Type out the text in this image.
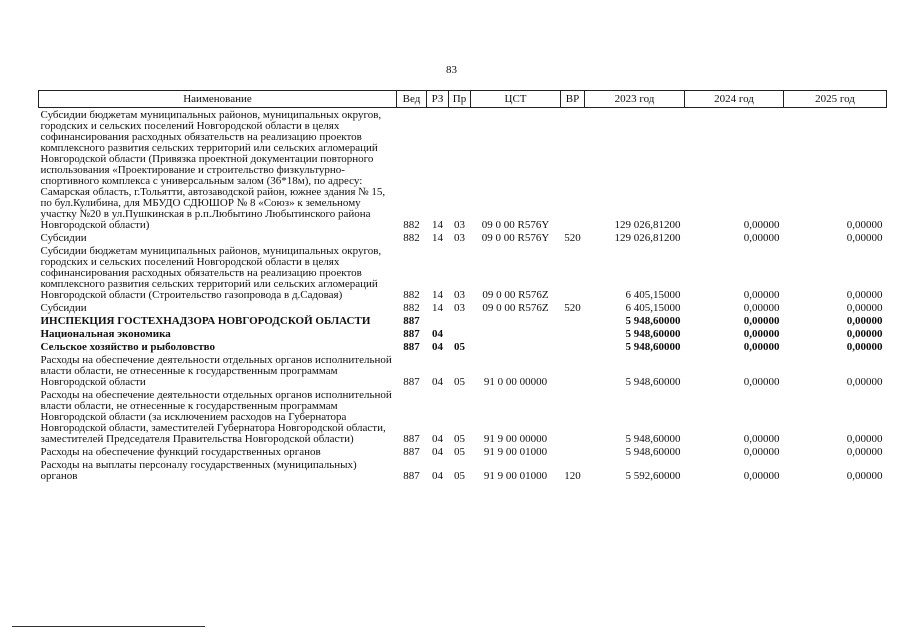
83
Наименование	Вед	РЗ	Пр	ЦСТ	ВР	2023 год	2024 год	2025 год
Субсидии бюджетам муниципальных районов, муниципальных округов, городских и сельских поселений Новгородской области в целях софинансирования расходных обязательств на реализацию проектов комплексного развития сельских территорий или сельских агломераций Новгородской области (Привязка проектной документации повторного использования «Проектирование и строительство физкультурно- спортивного комплекса с универсальным залом (36*18м), по адресу: Самарская область, г.Тольятти, автозаводской район, южнее здания № 15, по бул.Кулибина, для МБУДО СДЮШОР № 8 «Союз» к земельному участку №20 в ул.Пушкинская в р.п.Любытино Любытинского района Новгородской области)	882	14	03	09 0 00 R576Y		129 026,81200	0,00000	0,00000
Субсидии	882	14	03	09 0 00 R576Y	520	129 026,81200	0,00000	0,00000
Субсидии бюджетам муниципальных районов, муниципальных округов, городских и сельских поселений Новгородской области в целях софинансирования расходных обязательств на реализацию проектов комплексного развития сельских территорий или сельских агломераций Новгородской области (Строительство газопровода в д.Садовая)	882	14	03	09 0 00 R576Z		6 405,15000	0,00000	0,00000
Субсидии	882	14	03	09 0 00 R576Z	520	6 405,15000	0,00000	0,00000
ИНСПЕКЦИЯ ГОСТЕХНАДЗОРА НОВГОРОДСКОЙ ОБЛАСТИ	887					5 948,60000	0,00000	0,00000
Национальная экономика	887	04				5 948,60000	0,00000	0,00000
Сельское хозяйство и рыболовство	887	04	05			5 948,60000	0,00000	0,00000
Расходы на обеспечение деятельности отдельных органов исполнительной власти области, не отнесенные к государственным программам Новгородской области	887	04	05	91 0 00 00000		5 948,60000	0,00000	0,00000
Расходы на обеспечение деятельности отдельных органов исполнительной власти области, не отнесенные к государственным программам Новгородской области (за исключением расходов на Губернатора Новгородской области, заместителей Губернатора Новгородской области, заместителей Председателя Правительства Новгородской области)	887	04	05	91 9 00 00000		5 948,60000	0,00000	0,00000
Расходы на обеспечение функций государственных органов	887	04	05	91 9 00 01000		5 948,60000	0,00000	0,00000
Расходы на выплаты персоналу государственных (муниципальных) органов	887	04	05	91 9 00 01000	120	5 592,60000	0,00000	0,00000
